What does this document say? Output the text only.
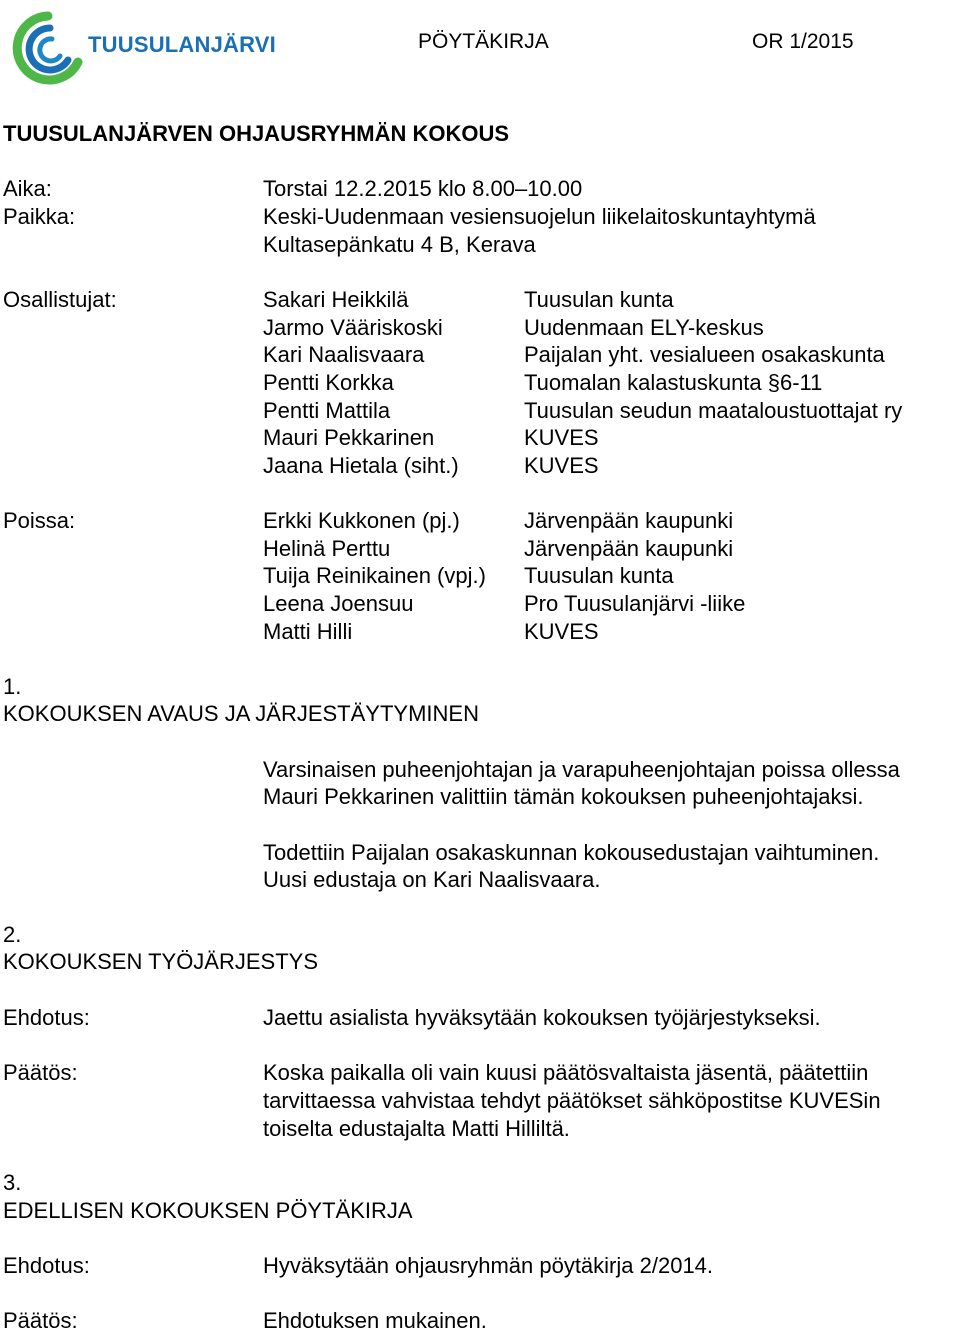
TUUSULANJÄRVI	PÖYTÄKIRJA	OR 1/2015
TUUSULANJÄRVEN OHJAUSRYHMÄN KOKOUS
Aika:	Torstai 12.2.2015 klo 8.00–10.00
Paikka:	Keski-Uudenmaan vesiensuojelun liikelaitoskuntayhtymä
Kultasepänkatu 4 B, Kerava
Osallistujat:	Sakari Heikkilä	Tuusulan kunta
Jarmo Vääriskoski	Uudenmaan ELY-keskus
Kari Naalisvaara	Paijalan yht. vesialueen osakaskunta
Pentti Korkka	Tuomalan kalastuskunta §6-11
Pentti Mattila	Tuusulan seudun maataloustuottajat ry
Mauri Pekkarinen	KUVES
Jaana Hietala (siht.)	KUVES
Poissa:	Erkki Kukkonen (pj.)	Järvenpään kaupunki
Helinä Perttu	Järvenpään kaupunki
Tuija Reinikainen (vpj.) Tuusulan kunta
Leena Joensuu	Pro Tuusulanjärvi -liike
Matti Hilli	KUVES
1.
KOKOUKSEN AVAUS JA JÄRJESTÄYTYMINEN
Varsinaisen puheenjohtajan ja varapuheenjohtajan poissa ollessa
Mauri Pekkarinen valittiin tämän kokouksen puheenjohtajaksi.
Todettiin Paijalan osakaskunnan kokousedustajan vaihtuminen.
Uusi edustaja on Kari Naalisvaara.
2.
KOKOUKSEN TYÖJÄRJESTYS
Ehdotus:	Jaettu asialista hyväksytään kokouksen työjärjestykseksi.
Päätös:	Koska paikalla oli vain kuusi päätösvaltaista jäsentä, päätettiin
tarvittaessa vahvistaa tehdyt päätökset sähköpostitse KUVESin
toiselta edustajalta Matti Hilliltä.
3.
EDELLISEN KOKOUKSEN PÖYTÄKIRJA
Ehdotus:	Hyväksytään ohjausryhmän pöytäkirja 2/2014.
Päätös:	Ehdotuksen mukainen.
